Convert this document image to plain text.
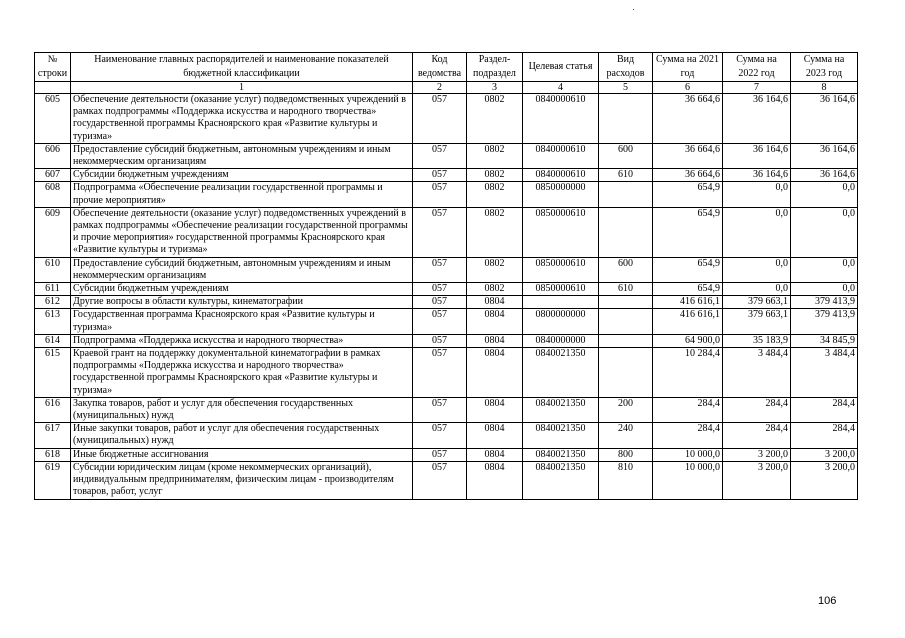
·
№ строки	Наименование главных распорядителей и наименование показателей бюджетной классификации	Код ведомства	Раздел-подраздел	Целевая статья	Вид расходов	Сумма на 2021 год	Сумма на 2022 год	Сумма на 2023 год
	1	2	3	4	5	6	7	8
605	Обеспечение деятельности (оказание услуг) подведомственных учреждений в рамках подпрограммы «Поддержка искусства и народного творчества» государственной программы Красноярского края «Развитие культуры и туризма»	057	0802	0840000610		36 664,6	36 164,6	36 164,6
606	Предоставление субсидий бюджетным, автономным учреждениям и иным некоммерческим организациям	057	0802	0840000610	600	36 664,6	36 164,6	36 164,6
607	Субсидии бюджетным учреждениям	057	0802	0840000610	610	36 664,6	36 164,6	36 164,6
608	Подпрограмма «Обеспечение реализации государственной программы и прочие мероприятия»	057	0802	0850000000		654,9	0,0	0,0
609	Обеспечение деятельности (оказание услуг) подведомственных учреждений в рамках подпрограммы «Обеспечение реализации государственной программы и прочие мероприятия» государственной программы Красноярского края «Развитие культуры и туризма»	057	0802	0850000610		654,9	0,0	0,0
610	Предоставление субсидий бюджетным, автономным учреждениям и иным некоммерческим организациям	057	0802	0850000610	600	654,9	0,0	0,0
611	Субсидии бюджетным учреждениям	057	0802	0850000610	610	654,9	0,0	0,0
612	Другие вопросы в области культуры, кинематографии	057	0804			416 616,1	379 663,1	379 413,9
613	Государственная программа Красноярского края «Развитие культуры и туризма»	057	0804	0800000000		416 616,1	379 663,1	379 413,9
614	Подпрограмма «Поддержка искусства и народного творчества»	057	0804	0840000000		64 900,0	35 183,9	34 845,9
615	Краевой грант на поддержку документальной кинематографии в рамках подпрограммы «Поддержка искусства и народного творчества» государственной программы Красноярского края «Развитие культуры и туризма»	057	0804	0840021350		10 284,4	3 484,4	3 484,4
616	Закупка товаров, работ и услуг для обеспечения государственных (муниципальных) нужд	057	0804	0840021350	200	284,4	284,4	284,4
617	Иные закупки товаров, работ и услуг для обеспечения государственных (муниципальных) нужд	057	0804	0840021350	240	284,4	284,4	284,4
618	Иные бюджетные ассигнования	057	0804	0840021350	800	10 000,0	3 200,0	3 200,0
619	Субсидии юридическим лицам (кроме некоммерческих организаций), индивидуальным предпринимателям, физическим лицам - производителям товаров, работ, услуг	057	0804	0840021350	810	10 000,0	3 200,0	3 200,0
106
